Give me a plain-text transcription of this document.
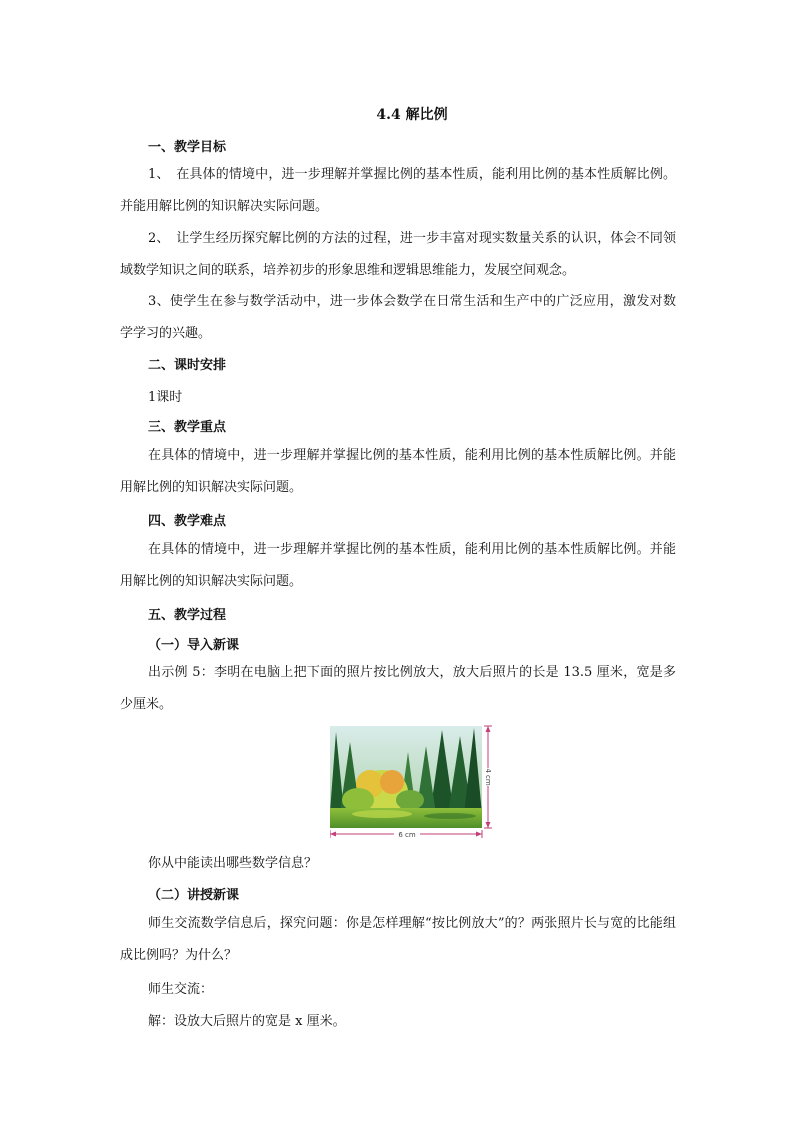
4.4 解比例
一、教学目标
1、　在具体的情境中，进一步理解并掌握比例的基本性质，能利用比例的基本性质解比例。并能用解比例的知识解决实际问题。
2、　让学生经历探究解比例的方法的过程，进一步丰富对现实数量关系的认识，体会不同领域数学知识之间的联系，培养初步的形象思维和逻辑思维能力，发展空间观念。
3、使学生在参与数学活动中，进一步体会数学在日常生活和生产中的广泛应用，激发对数学学习的兴趣。
二、课时安排
1课时
三、教学重点
在具体的情境中，进一步理解并掌握比例的基本性质，能利用比例的基本性质解比例。并能用解比例的知识解决实际问题。
四、教学难点
在具体的情境中，进一步理解并掌握比例的基本性质，能利用比例的基本性质解比例。并能用解比例的知识解决实际问题。
五、教学过程
（一）导入新课
出示例 5：李明在电脑上把下面的照片按比例放大，放大后照片的长是 13.5 厘米，宽是多少厘米。
4 cm
6 cm
你从中能读出哪些数学信息？
（二）讲授新课
师生交流数学信息后，探究问题：你是怎样理解“按比例放大”的？两张照片长与宽的比能组成比例吗？为什么？
师生交流：
解：设放大后照片的宽是 x 厘米。
